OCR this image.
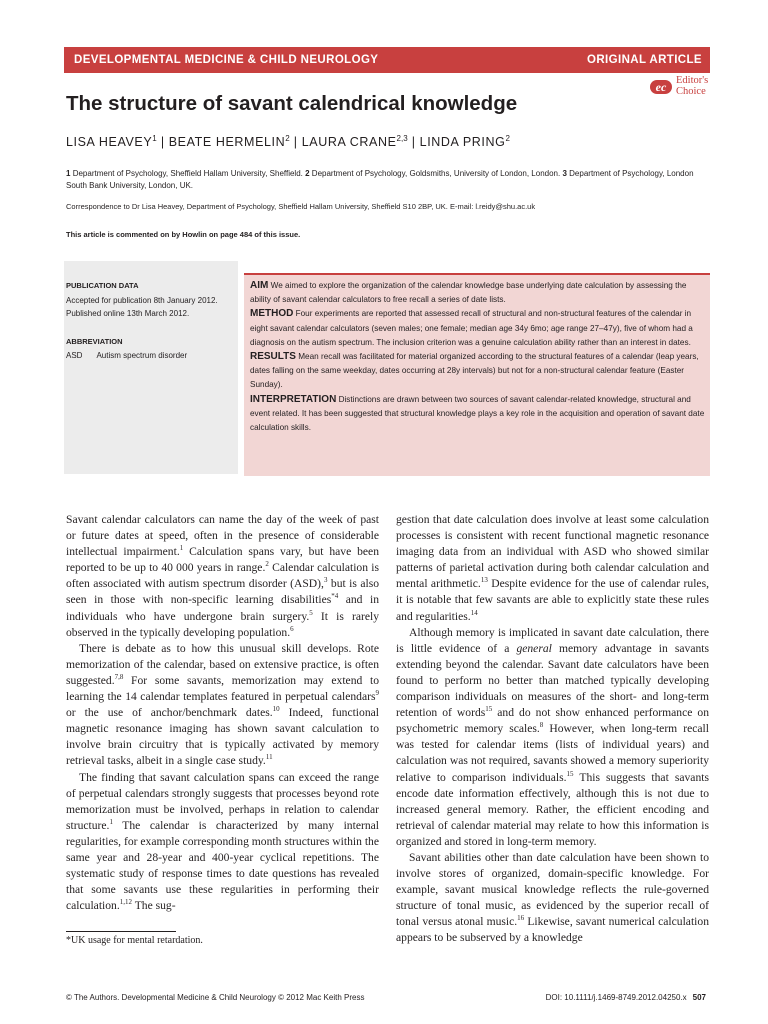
DEVELOPMENTAL MEDICINE & CHILD NEUROLOGY	ORIGINAL ARTICLE
ec Editor's
Choice
The structure of savant calendrical knowledge
LISA HEAVEY$^1$ | BEATE HERMELIN$^2$ | LAURA CRANE$^{2,3}$ | LINDA PRING$^2$
1 Department of Psychology, Sheffield Hallam University, Sheffield. 2 Department of Psychology, Goldsmiths, University of London, London. 3 Department of Psychology, London South Bank University, London, UK.
Correspondence to Dr Lisa Heavey, Department of Psychology, Sheffield Hallam University, Sheffield S10 2BP, UK. E-mail: l.reidy@shu.ac.uk
This article is commented on by Howlin on page 484 of this issue.
PUBLICATION DATA
Accepted for publication 8th January 2012.
Published online 13th March 2012.
ABBREVIATION
ASD Autism spectrum disorder
AIM We aimed to explore the organization of the calendar knowledge base underlying date calculation by assessing the ability of savant calendar calculators to free recall a series of date lists.
METHOD Four experiments are reported that assessed recall of structural and non-structural features of the calendar in eight savant calendar calculators (seven males; one female; median age 34y 6mo; age range 27–47y), five of whom had a diagnosis on the autism spectrum. The inclusion criterion was a genuine calculation ability rather than an interest in dates.
RESULTS Mean recall was facilitated for material organized according to the structural features of a calendar (leap years, dates falling on the same weekday, dates occurring at 28y intervals) but not for a non-structural calendar feature (Easter Sunday).
INTERPRETATION Distinctions are drawn between two sources of savant calendar-related knowledge, structural and event related. It has been suggested that structural knowledge plays a key role in the acquisition and operation of savant date calculation skills.

Savant calendar calculators can name the day of the week of past or future dates at speed, often in the presence of considerable intellectual impairment.$^1$ Calculation spans vary, but have been reported to be up to 40 000 years in range.$^2$ Calendar calculation is often associated with autism spectrum disorder (ASD),$^3$ but is also seen in those with non-specific learning disabilities$^{*4}$ and in individuals who have undergone brain surgery.$^5$ It is rarely observed in the typically developing population.$^6$

There is debate as to how this unusual skill develops. Rote memorization of the calendar, based on extensive practice, is often suggested.$^{7,8}$ For some savants, memorization may extend to learning the 14 calendar templates featured in perpetual calendars$^9$ or the use of anchor/benchmark dates.$^{10}$ Indeed, functional magnetic resonance imaging has shown savant calculation to involve brain circuitry that is typically activated by memory retrieval tasks, albeit in a single case study.$^{11}$

The finding that savant calculation spans can exceed the range of perpetual calendars strongly suggests that processes beyond rote memorization must be involved, perhaps in relation to calendar structure.$^1$ The calendar is characterized by many internal regularities, for example corresponding month structures within the same year and 28-year and 400-year cyclical repetitions. The systematic study of response times to date questions has revealed that some savants use these regularities in performing their calculation.$^{1,12}$ The sug-

gestion that date calculation does involve at least some calculation processes is consistent with recent functional magnetic resonance imaging data from an individual with ASD who showed similar patterns of parietal activation during both calendar calculation and mental arithmetic.$^{13}$ Despite evidence for the use of calendar rules, it is notable that few savants are able to explicitly state these rules and regularities.$^{14}$

Although memory is implicated in savant date calculation, there is little evidence of a general memory advantage in savants extending beyond the calendar. Savant date calculators have been found to perform no better than matched typically developing comparison individuals on measures of the short- and long-term retention of words$^{15}$ and do not show enhanced performance on psychometric memory scales.$^8$ However, when long-term recall was tested for calendar items (lists of individual years) and calculation was not required, savants showed a memory superiority relative to comparison individuals.$^{15}$ This suggests that savants encode date information effectively, although this is not due to increased general memory. Rather, the efficient encoding and retrieval of calendar material may relate to how this information is organized and stored in long-term memory.

Savant abilities other than date calculation have been shown to involve stores of organized, domain-specific knowledge. For example, savant musical knowledge reflects the rule-governed structure of tonal music, as evidenced by the superior recall of tonal versus atonal music.$^{16}$ Likewise, savant numerical calculation appears to be subserved by a knowledge

*UK usage for mental retardation.
© The Authors. Developmental Medicine & Child Neurology © 2012 Mac Keith Press	DOI: 10.1111/j.1469-8749.2012.04250.x 507
